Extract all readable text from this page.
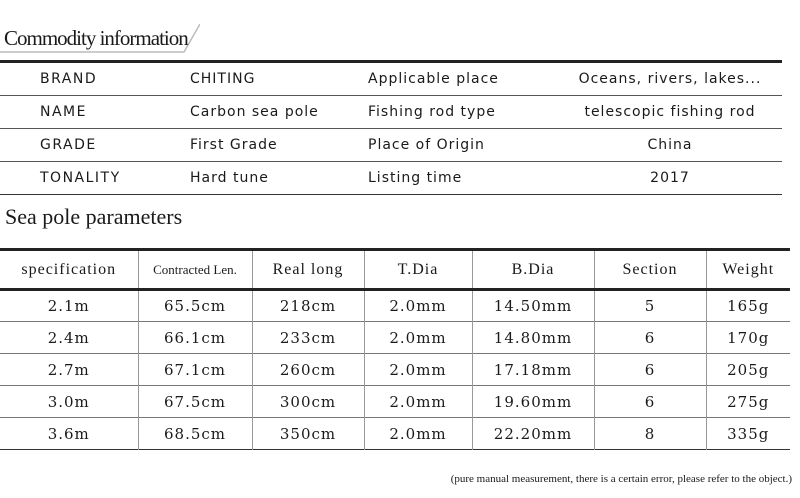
Commodity information
BRAND	CHITING	Applicable place	Oceans, rivers, lakes...
NAME	Carbon sea pole	Fishing rod type	telescopic fishing rod
GRADE	First Grade	Place of Origin	China
TONALITY	Hard tune	Listing time	2017
Sea pole parameters
specification	Contracted Len.	Real long	T.Dia	B.Dia	Section	Weight
2.1m	65.5cm	218cm	2.0mm	14.50mm	5	165g
2.4m	66.1cm	233cm	2.0mm	14.80mm	6	170g
2.7m	67.1cm	260cm	2.0mm	17.18mm	6	205g
3.0m	67.5cm	300cm	2.0mm	19.60mm	6	275g
3.6m	68.5cm	350cm	2.0mm	22.20mm	8	335g
(pure manual measurement, there is a certain error, please refer to the object.)
